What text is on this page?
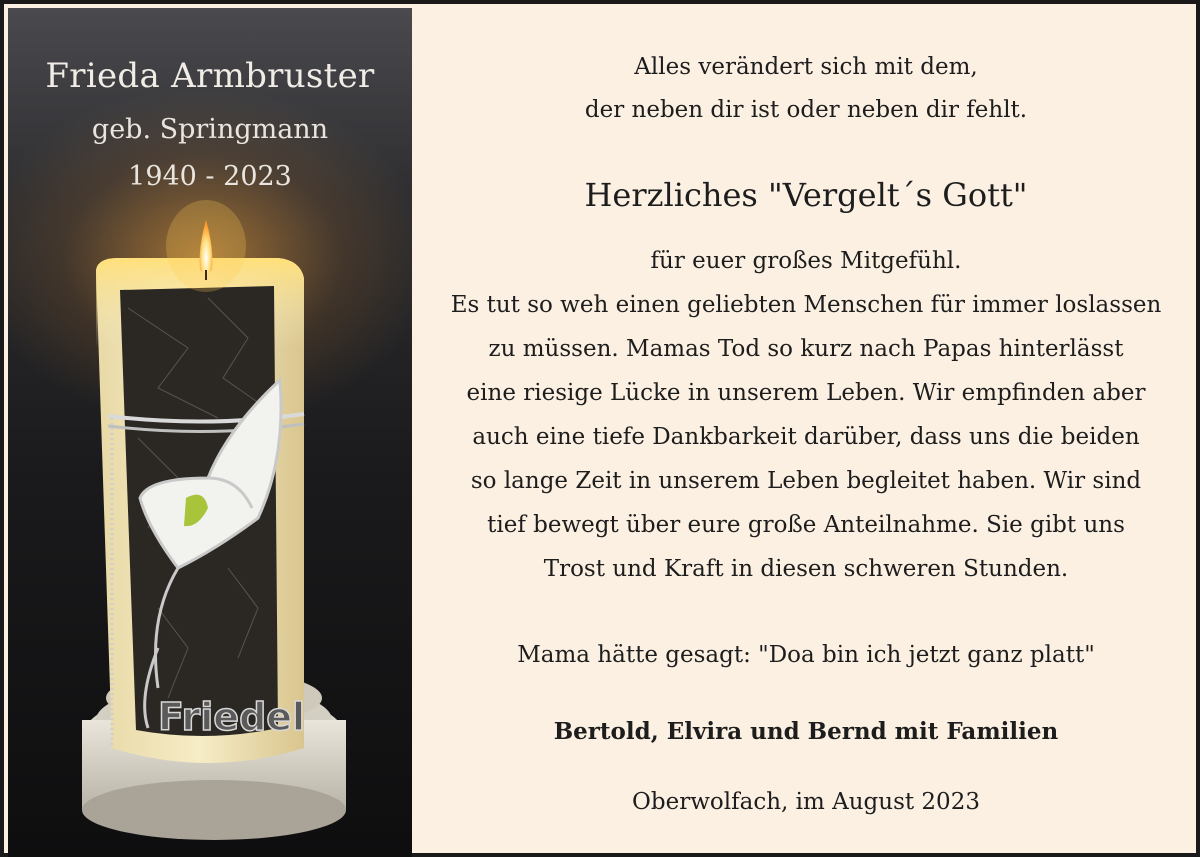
Friedel
Frieda Armbruster
geb. Springmann
1940 - 2023
Alles verändert sich mit dem,
der neben dir ist oder neben dir fehlt.
Herzliches "Vergelt´s Gott"
für euer großes Mitgefühl.
Es tut so weh einen geliebten Menschen für immer loslassen
zu müssen. Mamas Tod so kurz nach Papas hinterlässt
eine riesige Lücke in unserem Leben. Wir empfinden aber
auch eine tiefe Dankbarkeit darüber, dass uns die beiden
so lange Zeit in unserem Leben begleitet haben. Wir sind
tief bewegt über eure große Anteilnahme. Sie gibt uns
Trost und Kraft in diesen schweren Stunden.
Mama hätte gesagt: "Doa bin ich jetzt ganz platt"
Bertold, Elvira und Bernd mit Familien
Oberwolfach, im August 2023
